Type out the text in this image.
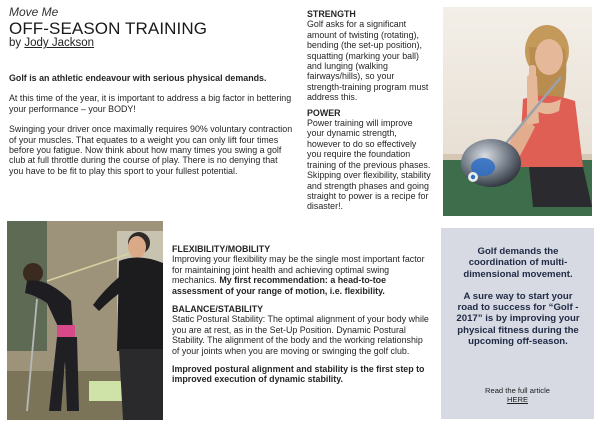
Move Me
OFF-SEASON TRAINING
by Jody Jackson

Golf is an athletic endeavour with serious physical demands.

At this time of the year, it is important to address a big factor in bettering your performance – your BODY!

Swinging your driver once maximally requires 90% voluntary contraction of your muscles. That equates to a weight you can only lift four times before you fatigue. Now think about how many times you swing a golf club at full throttle during the course of play. There is no denying that you have to be fit to play this sport to your fullest potential.

STRENGTH

Golf asks for a significant amount of twisting (rotating), bending (the set-up position), squatting (marking your ball) and lunging (walking fairways/hills), so your strength-training program must address this.

POWER

Power training will improve your dynamic strength, however to do so effectively you require the foundation training of the previous phases. Skipping over flexibility, stability and strength phases and going straight to power is a recipe for disaster!.

FLEXIBILITY/MOBILITY

Improving your flexibility may be the single most important factor for maintaining joint health and achieving optimal swing mechanics. My first recommendation: a head-to-toe assessment of your range of motion, i.e. flexibility.

BALANCE/STABILITY

Static Postural Stability: The optimal alignment of your body while you are at rest, as in the Set-Up Position. Dynamic Postural Stability. The alignment of the body and the working relationship of your joints when you are moving or swinging the golf club.

Improved postural alignment and stability is the first step to improved execution of dynamic stability.

Golf demands the coordination of multi-dimensional movement.

A sure way to start your road to success for “Golf - 2017” is by improving your physical fitness during the upcoming off-season.

Read the full article
HERE
